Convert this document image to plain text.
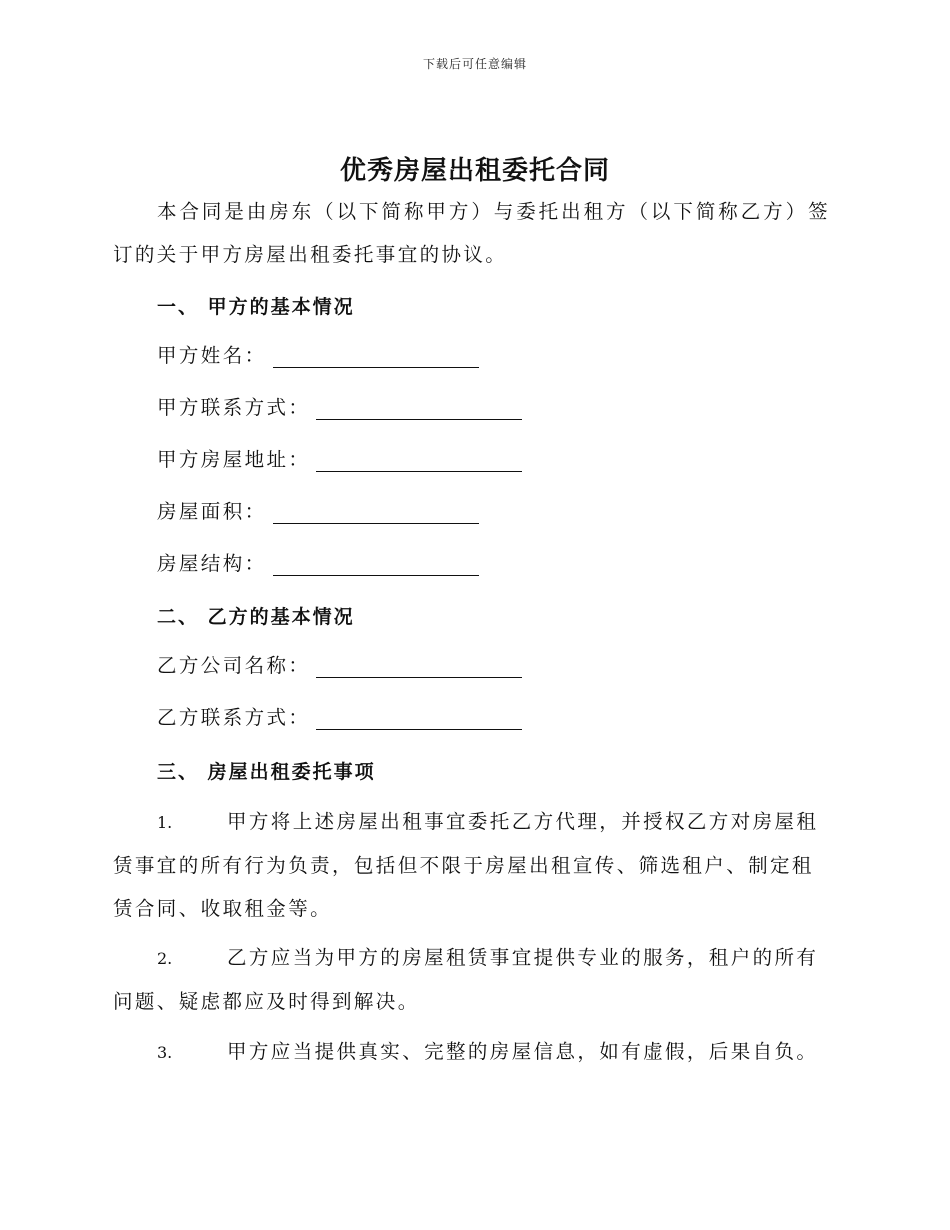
下载后可任意编辑
优秀房屋出租委托合同

本合同是由房东（以下简称甲方）与委托出租方（以下简称乙方）签订的关于甲方房屋出租委托事宜的协议。

一、 甲方的基本情况
甲方姓名：
甲方联系方式：
甲方房屋地址：
房屋面积：
房屋结构：
二、 乙方的基本情况
乙方公司名称：
乙方联系方式：
三、 房屋出租委托事项

1.	甲方将上述房屋出租事宜委托乙方代理，并授权乙方对房屋租赁事宜的所有行为负责，包括但不限于房屋出租宣传、筛选租户、制定租赁合同、收取租金等。

2.	乙方应当为甲方的房屋租赁事宜提供专业的服务，租户的所有问题、疑虑都应及时得到解决。

3.	甲方应当提供真实、完整的房屋信息，如有虚假，后果自负。
